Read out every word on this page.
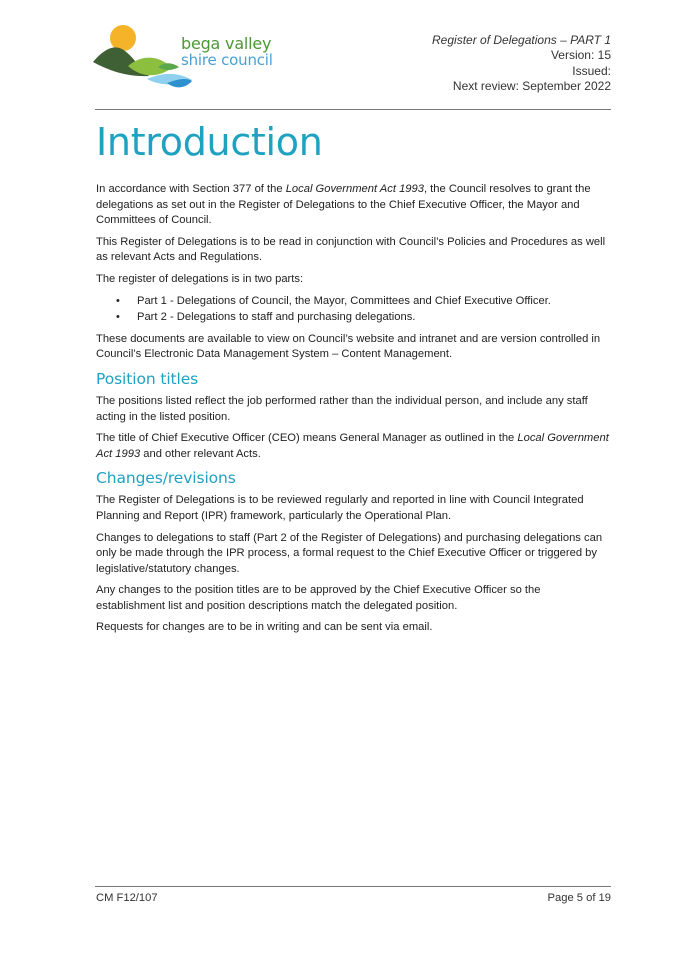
bega valley
shire council
Register of Delegations – PART 1
Version: 15
Issued:
Next review: September 2022
Introduction

In accordance with Section 377 of the Local Government Act 1993, the Council resolves to grant the delegations as set out in the Register of Delegations to the Chief Executive Officer, the Mayor and Committees of Council.

This Register of Delegations is to be read in conjunction with Council’s Policies and Procedures as well as relevant Acts and Regulations.

The register of delegations is in two parts:

• Part 1 - Delegations of Council, the Mayor, Committees and Chief Executive Officer.
• Part 2 - Delegations to staff and purchasing delegations.

These documents are available to view on Council’s website and intranet and are version controlled in Council’s Electronic Data Management System – Content Management.

Position titles

The positions listed reflect the job performed rather than the individual person, and include any staff acting in the listed position.

The title of Chief Executive Officer (CEO) means General Manager as outlined in the Local Government Act 1993 and other relevant Acts.

Changes/revisions

The Register of Delegations is to be reviewed regularly and reported in line with Council Integrated Planning and Report (IPR) framework, particularly the Operational Plan.

Changes to delegations to staff (Part 2 of the Register of Delegations) and purchasing delegations can only be made through the IPR process, a formal request to the Chief Executive Officer or triggered by legislative/statutory changes.

Any changes to the position titles are to be approved by the Chief Executive Officer so the establishment list and position descriptions match the delegated position.

Requests for changes are to be in writing and can be sent via email.

CM F12/107	Page 5 of 19
